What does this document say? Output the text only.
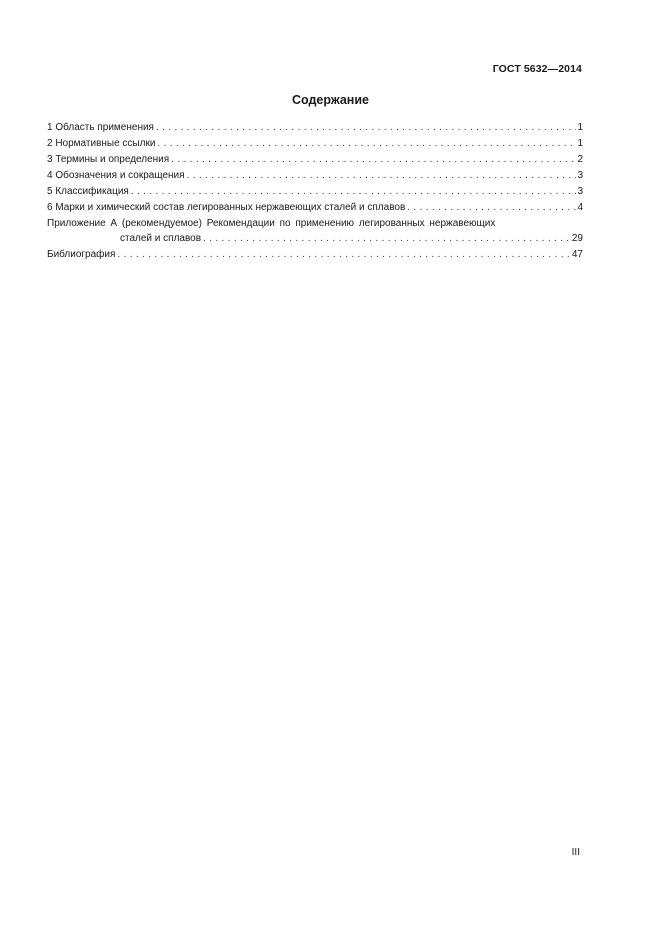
ГОСТ 5632—2014
Содержание
1 Область применения . . .	1
2 Нормативные ссылки . . .	1
3 Термины и определения . . .	2
4 Обозначения и сокращения . . .	3
5 Классификация . . .	3
6 Марки и химический состав легированных нержавеющих сталей и сплавов . . .	4
Приложение А (рекомендуемое) Рекомендации по применению легированных нержавеющих
сталей и сплавов . . .	29
Библиография . . .	47
III
